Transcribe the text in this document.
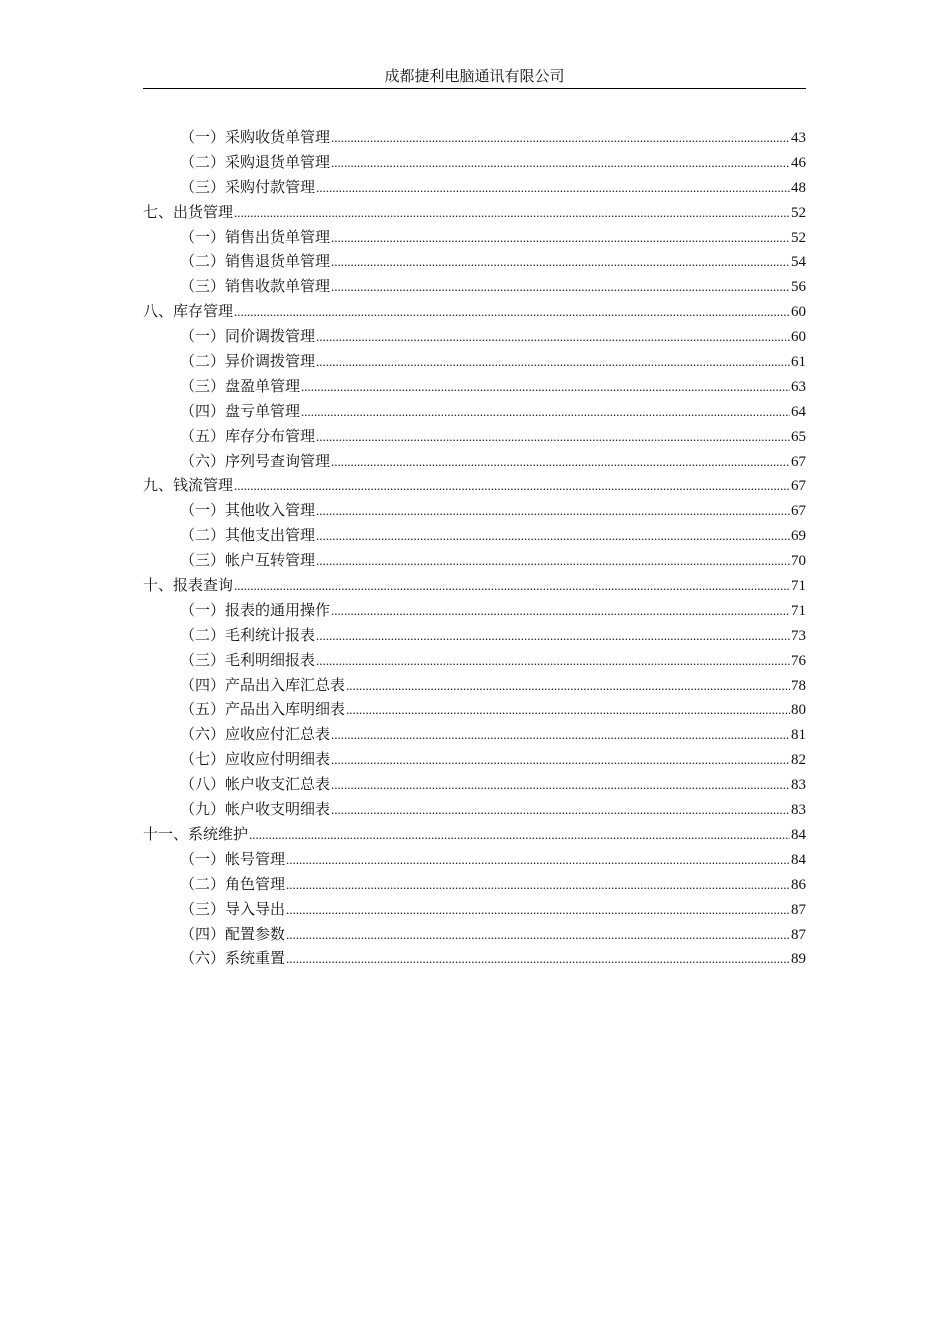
成都捷利电脑通讯有限公司
（一）采购收货单管理 .....	43
（二）采购退货单管理 .....	46
（三）采购付款管理 .....	48
七、出货管理 .....	52
（一）销售出货单管理 .....	52
（二）销售退货单管理 .....	54
（三）销售收款单管理 .....	56
八、库存管理 .....	60
（一）同价调拨管理 .....	60
（二）异价调拨管理 .....	61
（三）盘盈单管理 .....	63
（四）盘亏单管理 .....	64
（五）库存分布管理 .....	65
（六）序列号查询管理 .....	67
九、钱流管理 .....	67
（一）其他收入管理 .....	67
（二）其他支出管理 .....	69
（三）帐户互转管理 .....	70
十、报表查询 .....	71
（一）报表的通用操作 .....	71
（二）毛利统计报表 .....	73
（三）毛利明细报表 .....	76
（四）产品出入库汇总表 .....	78
（五）产品出入库明细表 .....	80
（六）应收应付汇总表 .....	81
（七）应收应付明细表 .....	82
（八）帐户收支汇总表 .....	83
（九）帐户收支明细表 .....	83
十一、系统维护 .....	84
（一）帐号管理 .....	84
（二）角色管理 .....	86
（三）导入导出 .....	87
（四）配置参数 .....	87
（六）系统重置 .....	89
